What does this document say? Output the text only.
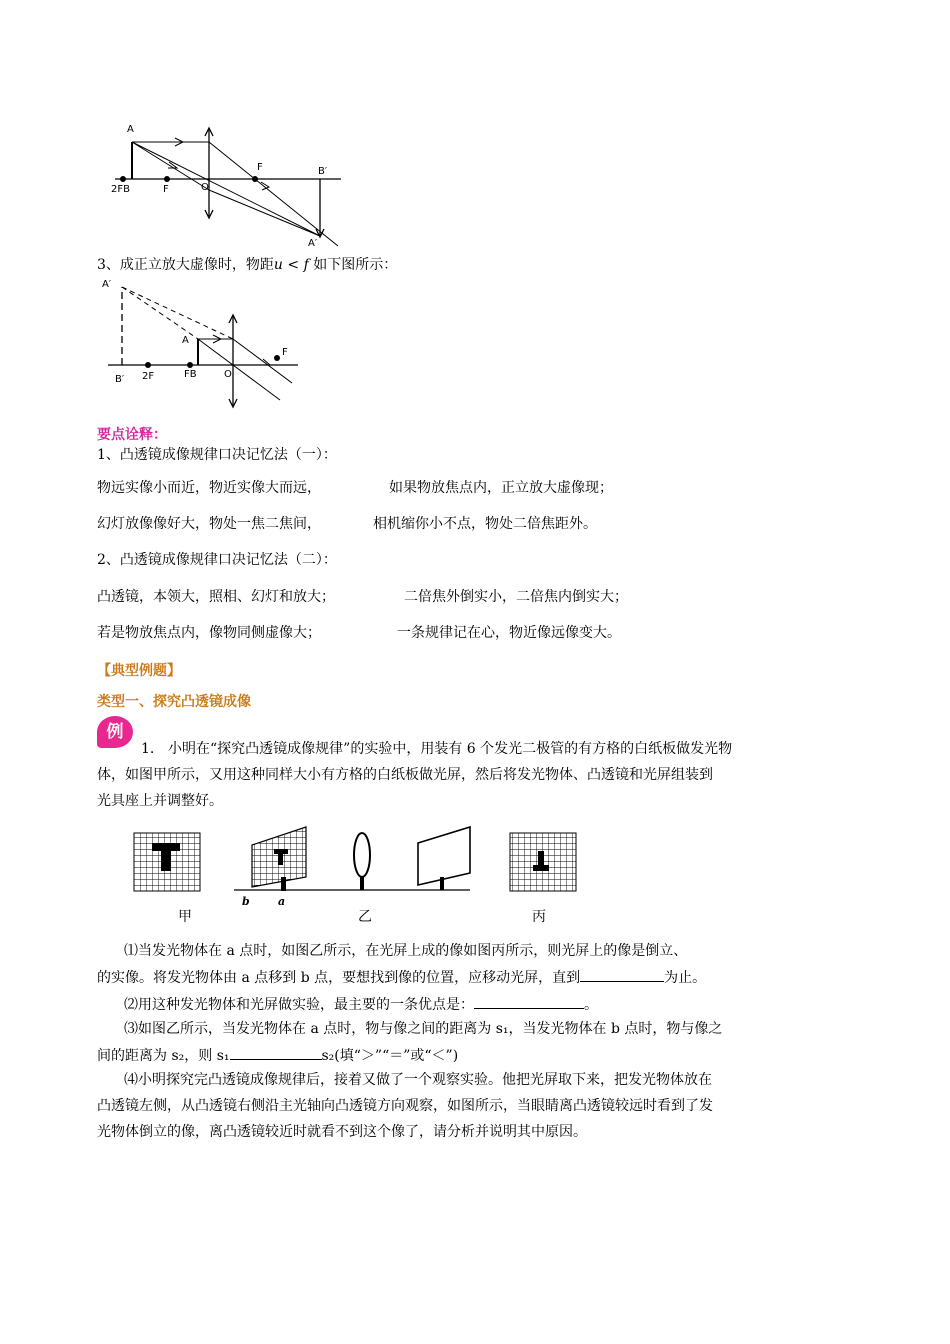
A
F	B′
2FB	F	O
A′
3、成正立放大虚像时，物距u < f 如下图所示：
A′
A
F
B′ 2F	FB	O
要点诠释：
1、凸透镜成像规律口决记忆法（一）：
物远实像小而近，物近实像大而远，	如果物放焦点内，正立放大虚像现；
幻灯放像像好大，物处一焦二焦间，	相机缩你小不点，物处二倍焦距外。
2、凸透镜成像规律口决记忆法（二）：
凸透镜，本领大，照相、幻灯和放大；	二倍焦外倒实小，二倍焦内倒实大；
若是物放焦点内，像物同侧虚像大；	一条规律记在心，物近像远像变大。
【典型例题】
类型一、探究凸透镜成像
例
1. 小明在“探究凸透镜成像规律”的实验中，用装有 6 个发光二极管的有方格的白纸板做发光物
体，如图甲所示，又用这种同样大小有方格的白纸板做光屏，然后将发光物体、凸透镜和光屏组装到
光具座上并调整好。
甲
b	a
乙	丙
⑴当发光物体在 a 点时，如图乙所示，在光屏上成的像如图丙所示，则光屏上的像是倒立、
的实像。将发光物体由 a 点移到 b 点，要想找到像的位置，应移动光屏，直到	为止。
⑵用这种发光物体和光屏做实验，最主要的一条优点是：	。
⑶如图乙所示，当发光物体在 a 点时，物与像之间的距离为 s₁，当发光物体在 b 点时，物与像之
间的距离为 s₂，则 s₁	s₂(填“＞”“＝”或“＜”)
⑷小明探究完凸透镜成像规律后，接着又做了一个观察实验。他把光屏取下来，把发光物体放在
凸透镜左侧，从凸透镜右侧沿主光轴向凸透镜方向观察，如图所示，当眼睛离凸透镜较远时看到了发
光物体倒立的像，离凸透镜较近时就看不到这个像了，请分析并说明其中原因。
